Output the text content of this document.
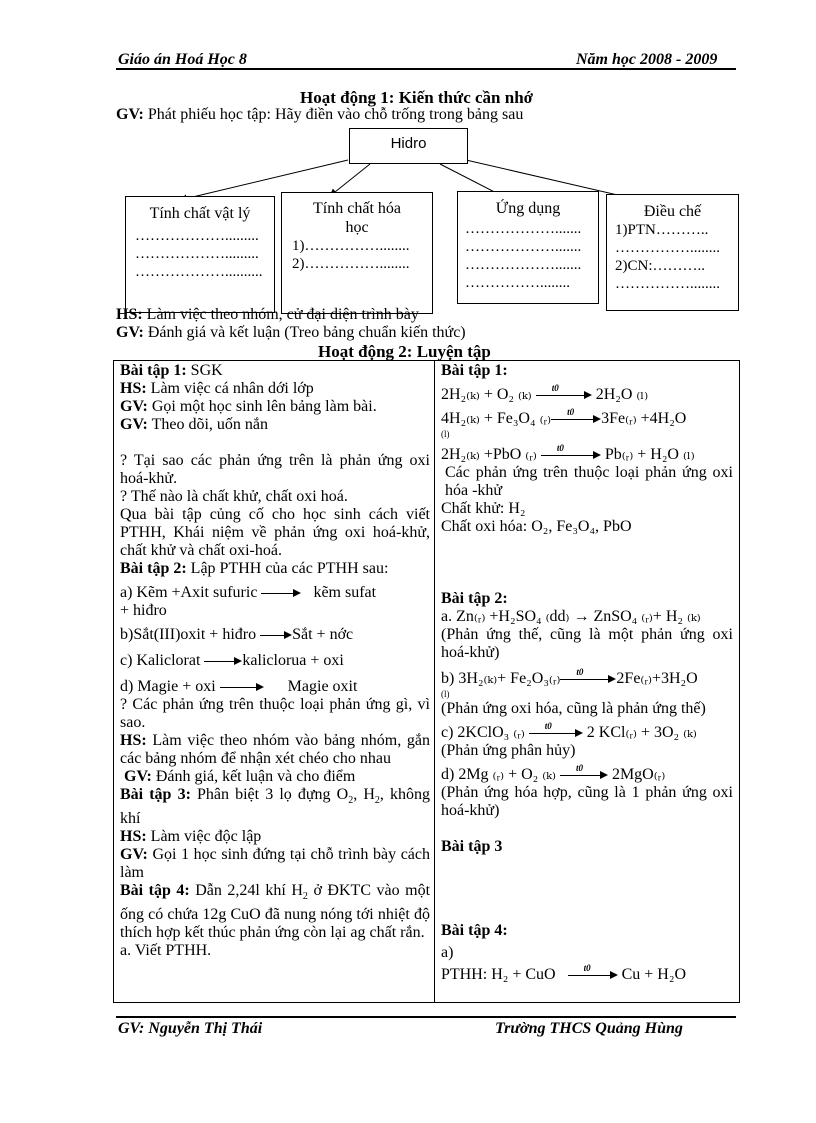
Giáo án Hoá Học 8	Năm học 2008 - 2009
Hoạt động 1: Kiến thức cần nhớ
GV: Phát phiếu học tập: Hãy điền vào chỗ trống trong bảng sau
Hidro
Tính chất vật lý
……………….........
……………….........
………………..........
Tính chất hóa học
1)……………........
2)……………........
Ứng dụng
……………….......
……………….......
……………….......
……………........
Điều chế
1)PTN………..
……………........
2)CN:………..
……………........
HS: Làm việc theo nhóm, cử đại diện trình bày
GV: Đánh giá và kết luận (Treo bảng chuẩn kiến thức)
Hoạt động 2: Luyện tập
Bài tập 1: SGK
HS: Làm việc cá nhân dới lớp
GV: Gọi một học sinh lên bảng làm bài.
GV: Theo dõi, uốn nắn
? Tại sao các phản ứng trên là phản ứng oxi hoá-khử.
? Thế nào là chất khử, chất oxi hoá.
Qua bài tập củng cố cho học sinh cách viết PTHH, Khái niệm về phản ứng oxi hoá-khử, chất khử và chất oxi-hoá.
Bài tập 2: Lập PTHH của các PTHH sau:
a) Kẽm +Axit sufuric	kẽm sufat
+ hiđro
b)Sắt(III)oxit + hiđro Sắt + nớc
c) Kaliclorat	kaliclorua + oxi
d) Magie + oxi	Magie oxit
? Các phản ứng trên thuộc loại phản ứng gì, vì sao.
HS: Làm việc theo nhóm vào bảng nhóm, gắn các bảng nhóm để nhận xét chéo cho nhau
GV: Đánh giá, kết luận và cho điểm
Bài tập 3: Phân biệt 3 lọ đựng $O_2$, $H_2$, không khí
HS: Làm việc độc lập
GV: Gọi 1 học sinh đứng tại chỗ trình bày cách làm
Bài tập 4: Dẫn 2,24l khí $H_2$ ở ĐKTC vào một ống có chứa 12g CuO đã nung nóng tới nhiệt độ thích hợp kết thúc phản ứng còn lại ag chất rắn.
a. Viết PTHH.
Bài tập 1:
2H₂₍ₖ₎ + O₂ ₍ₖ₎ t0 2H₂O ₍ₗ₎
4H₂₍ₖ₎ + Fe₃O₄ ₍ᵣ₎ t0 3Fe₍ᵣ₎ +4H₂O
(l)
2H₂₍ₖ₎ +PbO ₍ᵣ₎ t0	Pb₍ᵣ₎ + H₂O ₍ₗ₎
Các phản ứng trên thuộc loại phản ứng oxi hóa -khử
Chất khử: H₂
Chất oxi hóa: O₂, Fe₃O₄, PbO
Bài tập 2:
a. Zn₍ᵣ₎ +H₂SO₄ ₍dd₎ → ZnSO₄ ₍ᵣ₎+ H₂ ₍ₖ₎
(Phản ứng thế, cũng là một phản ứng oxi hoá-khử)
b) 3H₂₍ₖ₎+ Fe₂O₃₍ᵣ₎ t0 2Fe₍ᵣ₎+3H₂O
(l)
(Phản ứng oxi hóa, cũng là phản ứng thế)
c) 2KClO₃ ₍ᵣ₎ t0 2 KCl₍ᵣ₎ + 3O₂ ₍ₖ₎
(Phản ứng phân hủy)
d) 2Mg ₍ᵣ₎ + O₂ ₍ₖ₎ t0 2MgO₍ᵣ₎
(Phản ứng hóa hợp, cũng là 1 phản ứng oxi hoá-khử)
Bài tập 3
Bài tập 4:
a)
PTHH: H₂ + CuO	t0 Cu + H₂O
GV: Nguyễn Thị Thái	Trường THCS Quảng Hùng
